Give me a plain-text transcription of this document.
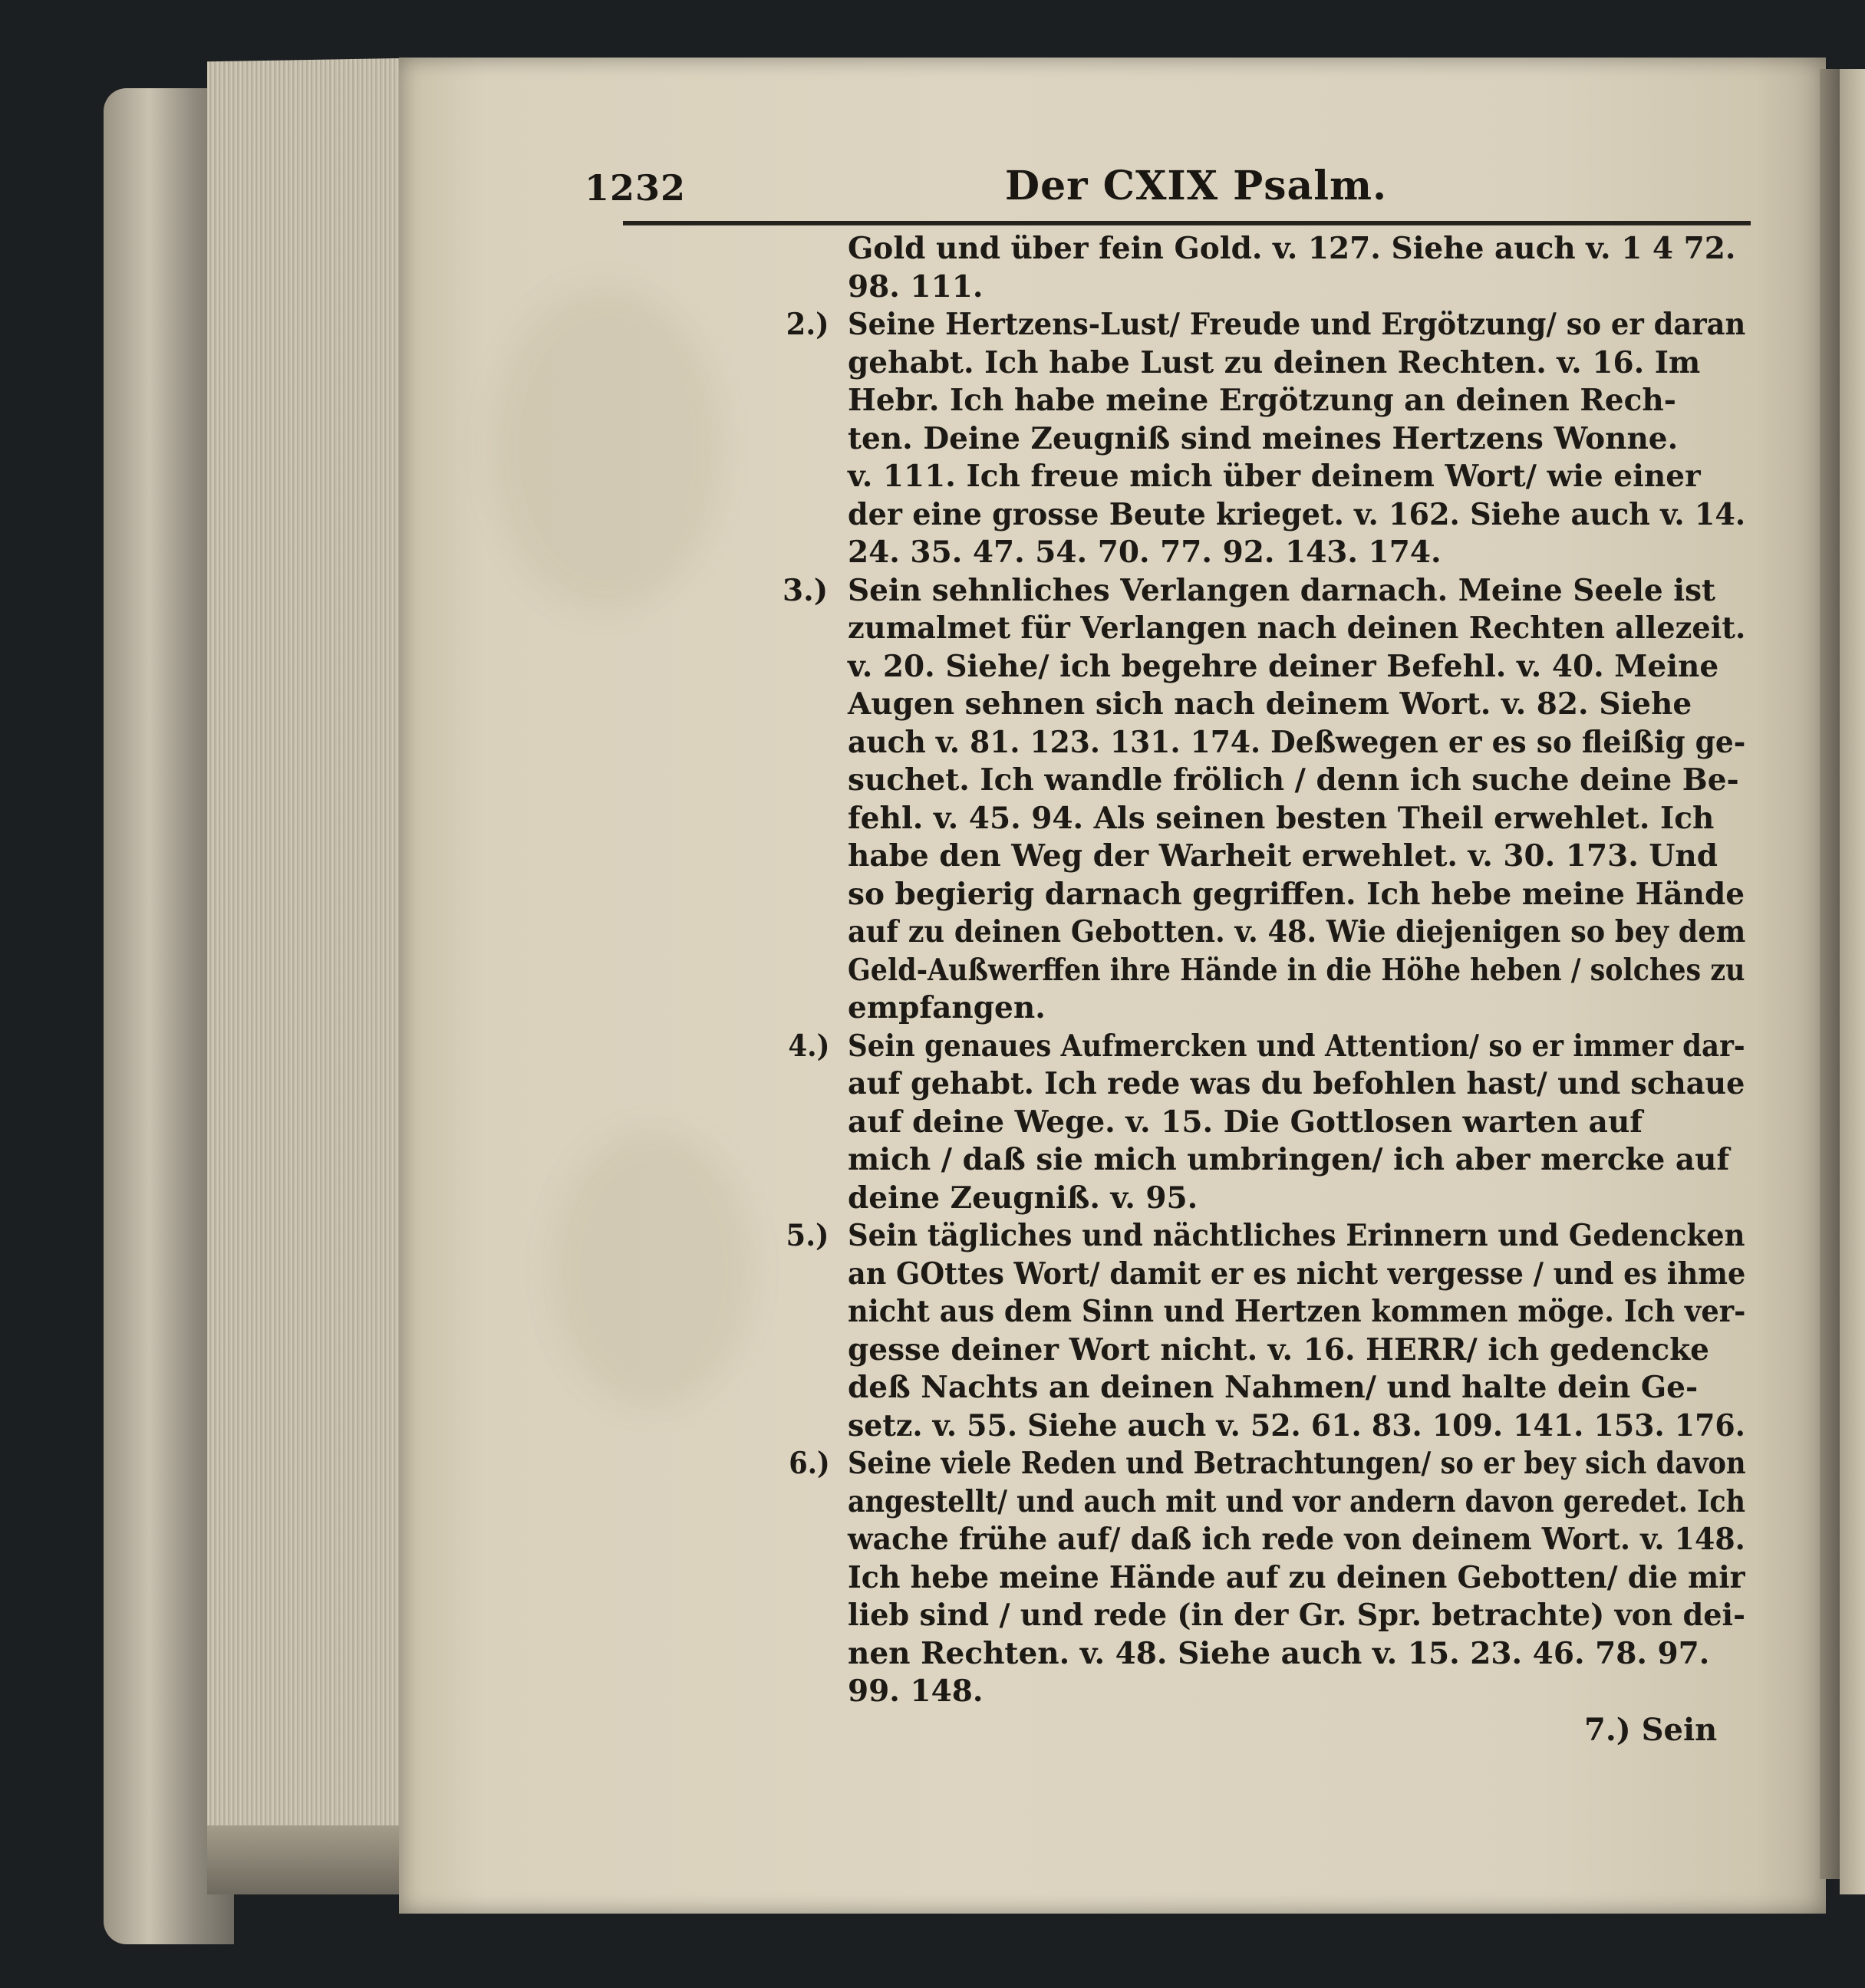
1232	Der CXIX Psalm.
Gold und über fein Gold. v. 127. Siehe auch v. 1 4 72.
98. 111.
2.) Seine Hertzens-Lust/ Freude und Ergötzung/ so er daran
gehabt. Ich habe Lust zu deinen Rechten. v. 16. Im
Hebr. Ich habe meine Ergötzung an deinen Rech-
ten. Deine Zeugniß sind meines Hertzens Wonne.
v. 111. Ich freue mich über deinem Wort/ wie einer
der eine grosse Beute krieget. v. 162. Siehe auch v. 14.
24. 35. 47. 54. 70. 77. 92. 143. 174.
3.) Sein sehnliches Verlangen darnach. Meine Seele ist
zumalmet für Verlangen nach deinen Rechten allezeit.
v. 20. Siehe/ ich begehre deiner Befehl. v. 40. Meine
Augen sehnen sich nach deinem Wort. v. 82. Siehe
auch v. 81. 123. 131. 174. Deßwegen er es so fleißig ge-
suchet. Ich wandle frölich / denn ich suche deine Be-
fehl. v. 45. 94. Als seinen besten Theil erwehlet. Ich
habe den Weg der Warheit erwehlet. v. 30. 173. Und
so begierig darnach gegriffen. Ich hebe meine Hände
auf zu deinen Gebotten. v. 48. Wie diejenigen so bey dem
Geld-Außwerffen ihre Hände in die Höhe heben / solches zu
empfangen.
4.) Sein genaues Aufmercken und Attention/ so er immer dar-
auf gehabt. Ich rede was du befohlen hast/ und schaue
auf deine Wege. v. 15. Die Gottlosen warten auf
mich / daß sie mich umbringen/ ich aber mercke auf
deine Zeugniß. v. 95.
5.) Sein tägliches und nächtliches Erinnern und Gedencken
an GOttes Wort/ damit er es nicht vergesse / und es ihme
nicht aus dem Sinn und Hertzen kommen möge. Ich ver-
gesse deiner Wort nicht. v. 16. HERR/ ich gedencke
deß Nachts an deinen Nahmen/ und halte dein Ge-
setz. v. 55. Siehe auch v. 52. 61. 83. 109. 141. 153. 176.
6.) Seine viele Reden und Betrachtungen/ so er bey sich davon
angestellt/ und auch mit und vor andern davon geredet. Ich
wache frühe auf/ daß ich rede von deinem Wort. v. 148.
Ich hebe meine Hände auf zu deinen Gebotten/ die mir
lieb sind / und rede (in der Gr. Spr. betrachte) von dei-
nen Rechten. v. 48. Siehe auch v. 15. 23. 46. 78. 97.
99. 148.
7.) Sein
